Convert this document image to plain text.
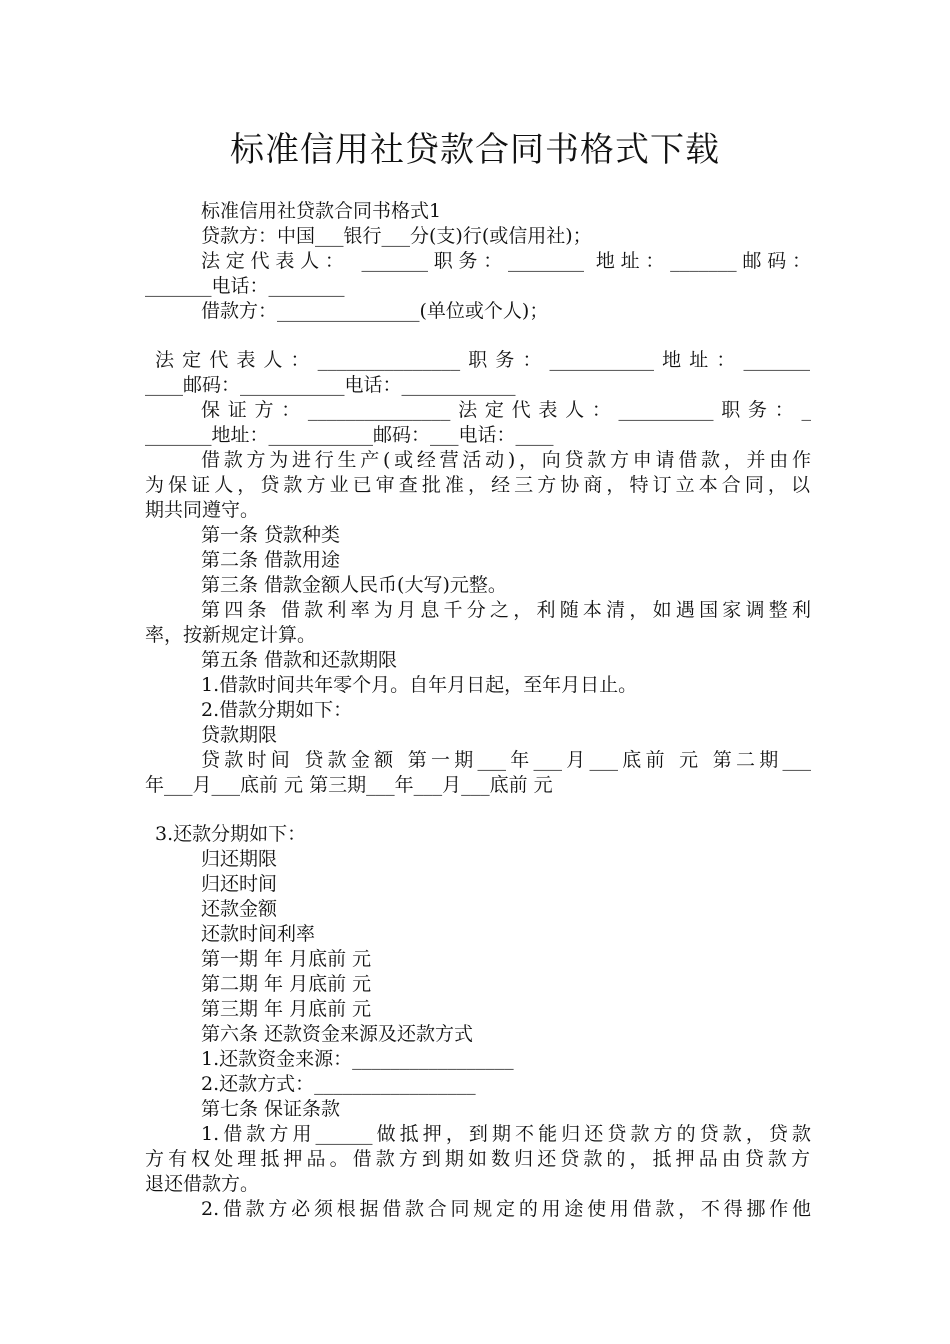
标准信用社贷款合同书格式下载
标准信用社贷款合同书格式1
贷款方：中国___银行___分(支)行(或信用社)；
法定代表人： _______职务：________ 地址：_______邮码：
_______电话：________
借款方：_______________(单位或个人)；
法定代表人：_______________职务：___________地址：_______
____邮码：___________电话：____________
保证方：_______________法定代表人：__________职务：_
_______地址：___________邮码：___电话：____
借款方为进行生产(或经营活动)，向贷款方申请借款，并由作
为保证人，贷款方业已审查批准，经三方协商，特订立本合同，以
期共同遵守。
第一条 贷款种类
第二条 借款用途
第三条 借款金额人民币(大写)元整。
第四条 借款利率为月息千分之，利随本清，如遇国家调整利
率，按新规定计算。
第五条 借款和还款期限
1.借款时间共年零个月。自年月日起，至年月日止。
2.借款分期如下：
贷款期限
贷款时间 贷款金额 第一期___年___月___底前 元 第二期___
年___月___底前 元 第三期___年___月___底前 元
3.还款分期如下：
归还期限
归还时间
还款金额
还款时间利率
第一期 年 月底前 元
第二期 年 月底前 元
第三期 年 月底前 元
第六条 还款资金来源及还款方式
1.还款资金来源：_________________
2.还款方式：_________________
第七条 保证条款
1.借款方用______做抵押，到期不能归还贷款方的贷款，贷款
方有权处理抵押品。借款方到期如数归还贷款的，抵押品由贷款方
退还借款方。
2.借款方必须根据借款合同规定的用途使用借款，不得挪作他
